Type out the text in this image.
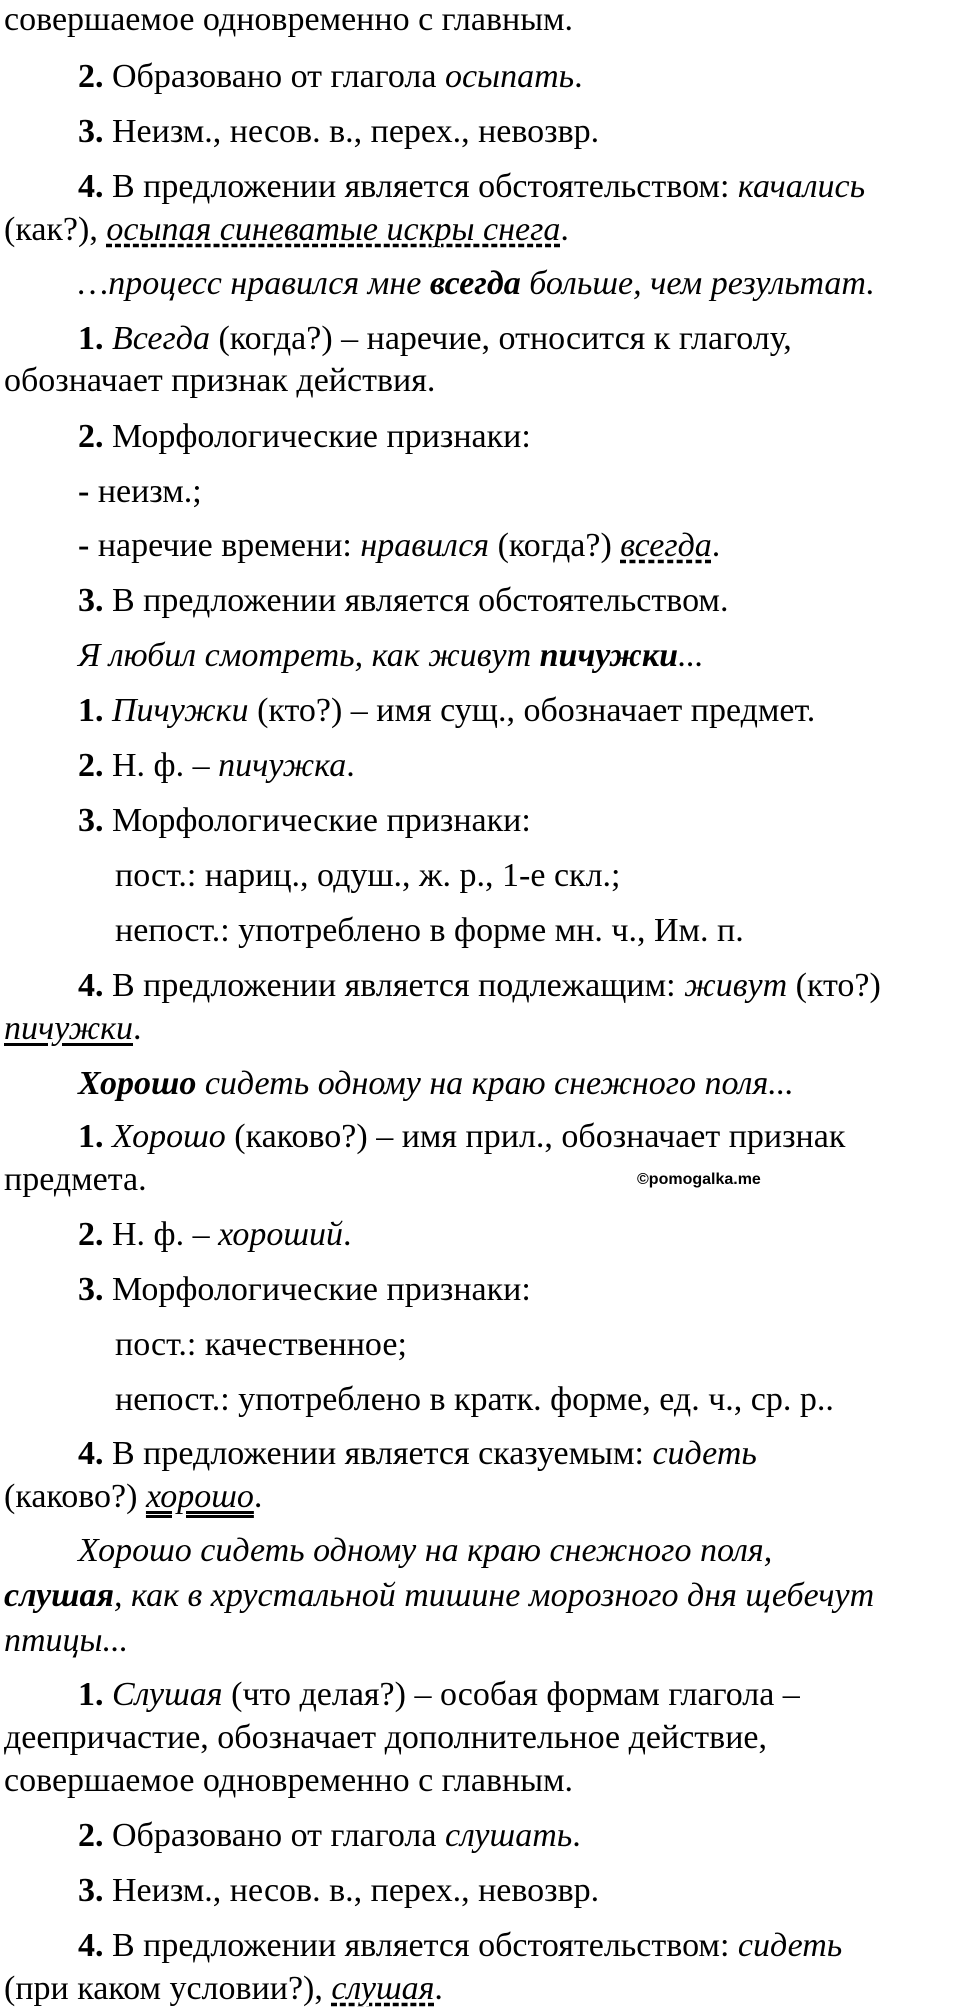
совершаемое одновременно с главным.
2. Образовано от глагола осыпать.
3. Неизм., несов. в., перех., невозвр.
4. В предложении является обстоятельством: качались
(как?), осыпая синеватые искры снега.
…процесс нравился мне всегда больше, чем результат.
1. Всегда (когда?) – наречие, относится к глаголу,
обозначает признак действия.
2. Морфологические признаки:
- неизм.;
- наречие времени: нравился (когда?) всегда.
3. В предложении является обстоятельством.
Я любил смотреть, как живут пичужки...
1. Пичужки (кто?) – имя сущ., обозначает предмет.
2. Н. ф. – пичужка.
3. Морфологические признаки:
пост.: нариц., одуш., ж. р., 1-е скл.;
непост.: употреблено в форме мн. ч., Им. п.
4. В предложении является подлежащим: живут (кто?)
пичужки.
Хорошо сидеть одному на краю снежного поля...
1. Хорошо (каково?) – имя прил., обозначает признак
предмета.
2. Н. ф. – хороший.
3. Морфологические признаки:
пост.: качественное;
непост.: употреблено в кратк. форме, ед. ч., ср. р..
4. В предложении является сказуемым: сидеть
(каково?) хорошо.
Хорошо сидеть одному на краю снежного поля,
слушая, как в хрустальной тишине морозного дня щебечут
птицы...
1. Слушая (что делая?) – особая формам глагола –
деепричастие, обозначает дополнительное действие,
совершаемое одновременно с главным.
2. Образовано от глагола слушать.
3. Неизм., несов. в., перех., невозвр.
4. В предложении является обстоятельством: сидеть
(при каком условии?), слушая.
©pomogalka.me
